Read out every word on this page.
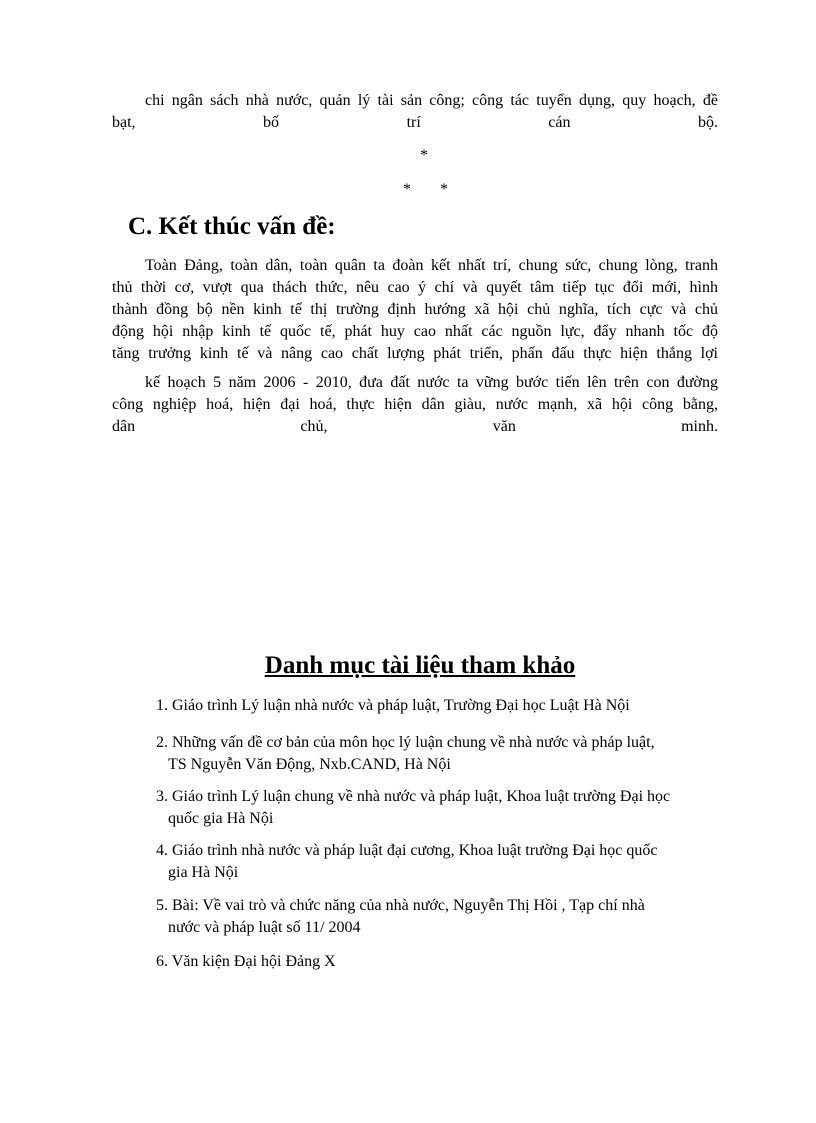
chi ngân sách nhà nước, quản lý tài sản công; công tác tuyển dụng, quy hoạch, đề
bạt, bố trí cán bộ.
*
* *
C. Kết thúc vấn đề:
Toàn Đảng, toàn dân, toàn quân ta đoàn kết nhất trí, chung sức, chung lòng, tranh
thủ thời cơ, vượt qua thách thức, nêu cao ý chí và quyết tâm tiếp tục đổi mới, hình
thành đồng bộ nền kinh tế thị trường định hướng xã hội chủ nghĩa, tích cực và chủ
động hội nhập kinh tế quốc tế, phát huy cao nhất các nguồn lực, đẩy nhanh tốc độ
tăng trưởng kinh tế và nâng cao chất lượng phát triển, phấn đấu thực hiện thắng lợi
kế hoạch 5 năm 2006 - 2010, đưa đất nước ta vững bước tiến lên trên con đường
công nghiệp hoá, hiện đại hoá, thực hiện dân giàu, nước mạnh, xã hội công bằng,
dân chủ, văn minh.
Danh mục tài liệu tham khảo
1. Giáo trình Lý luận nhà nước và pháp luật, Trường Đại học Luật Hà Nội
2. Những vấn đề cơ bản của môn học lý luận chung về nhà nước và pháp luật,
TS Nguyễn Văn Động, Nxb.CAND, Hà Nội
3. Giáo trình Lý luận chung về nhà nước và pháp luật, Khoa luật trường Đại học
quốc gia Hà Nội
4. Giáo trình nhà nước và pháp luật đại cương, Khoa luật trường Đại học quốc
gia Hà Nội
5. Bài: Về vai trò và chức năng của nhà nước, Nguyễn Thị Hồi , Tạp chí nhà
nước và pháp luật số 11/ 2004
6. Văn kiện Đại hội Đảng X
